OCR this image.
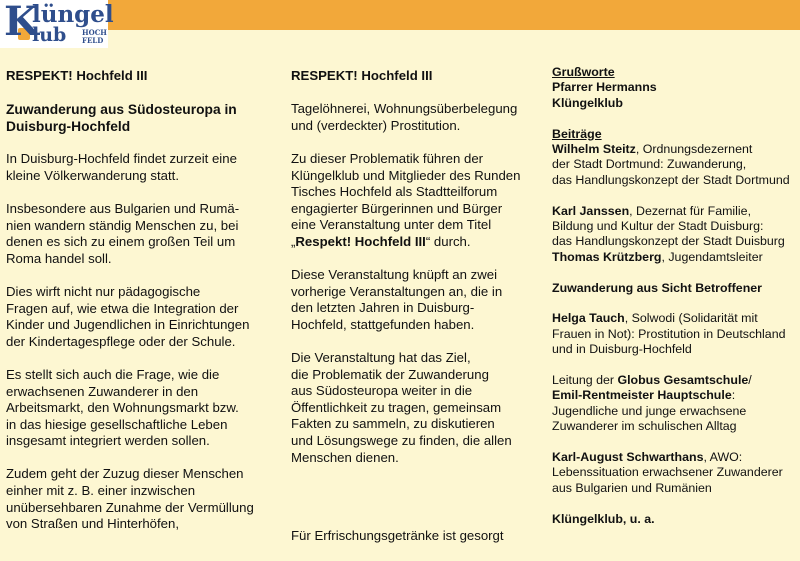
K
lüngel
lub HOCH
FELD
RESPEKT! Hochfeld III
Zuwanderung aus Südosteuropa in Duisburg-Hochfeld

In Duisburg-Hochfeld findet zurzeit eine
kleine Völkerwanderung statt.

Insbesondere aus Bulgarien und Rumä-
nien wandern ständig Menschen zu, bei
denen es sich zu einem großen Teil um
Roma handel soll.

Dies wirft nicht nur pädagogische
Fragen auf, wie etwa die Integration der
Kinder und Jugendlichen in Einrichtungen
der Kindertagespflege oder der Schule.

Es stellt sich auch die Frage, wie die
erwachsenen Zuwanderer in den
Arbeitsmarkt, den Wohnungsmarkt bzw.
in das hiesige gesellschaftliche Leben
insgesamt integriert werden sollen.

Zudem geht der Zuzug dieser Menschen
einher mit z. B. einer inzwischen
unübersehbaren Zunahme der Vermüllung
von Straßen und Hinterhöfen,

RESPEKT! Hochfeld III

Tagelöhnerei, Wohnungsüberbelegung
und (verdeckter) Prostitution.

Zu dieser Problematik führen der
Klüngelklub und Mitglieder des Runden
Tisches Hochfeld als Stadtteilforum
engagierter Bürgerinnen und Bürger
eine Veranstaltung unter dem Titel
„Respekt! Hochfeld III“ durch.

Diese Veranstaltung knüpft an zwei
vorherige Veranstaltungen an, die in
den letzten Jahren in Duisburg-
Hochfeld, stattgefunden haben.

Die Veranstaltung hat das Ziel,
die Problematik der Zuwanderung
aus Südosteuropa weiter in die
Öffentlichkeit zu tragen, gemeinsam
Fakten zu sammeln, zu diskutieren
und Lösungswege zu finden, die allen
Menschen dienen.

Für Erfrischungsgetränke ist gesorgt

Grußworte
Pfarrer Hermanns
Klüngelklub

Beiträge
Wilhelm Steitz, Ordnungsdezernent
der Stadt Dortmund: Zuwanderung,
das Handlungskonzept der Stadt Dortmund

Karl Janssen, Dezernat für Familie,
Bildung und Kultur der Stadt Duisburg:
das Handlungskonzept der Stadt Duisburg
Thomas Krützberg, Jugendamtsleiter

Zuwanderung aus Sicht Betroffener

Helga Tauch, Solwodi (Solidarität mit
Frauen in Not): Prostitution in Deutschland
und in Duisburg-Hochfeld

Leitung der Globus Gesamtschule/
Emil-Rentmeister Hauptschule:
Jugendliche und junge erwachsene
Zuwanderer im schulischen Alltag

Karl-August Schwarthans, AWO:
Lebenssituation erwachsener Zuwanderer
aus Bulgarien und Rumänien

Klüngelklub, u. a.
